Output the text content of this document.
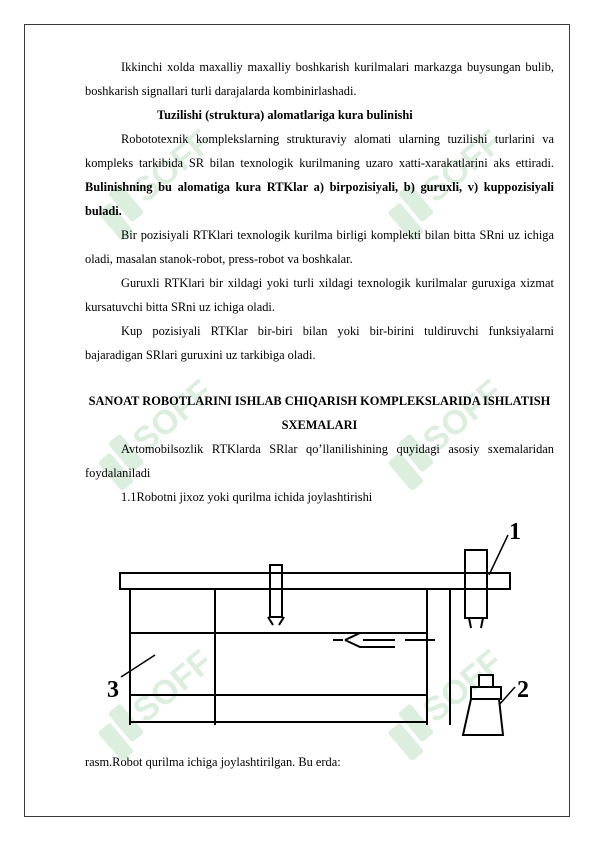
SOFF	SOFF
SOFF	SOFF
SOFF	SOFF

Ikkinchi xolda maxalliy maxalliy boshkarish kurilmalari markazga buysungan bulib, boshkarish signallari turli darajalarda kombinirlashadi.

Tuzilishi (struktura) alomatlariga kura bulinishi

Robototexnik komplekslarning strukturaviy alomati ularning tuzilishi turlarini va kompleks tarkibida SR bilan texnologik kurilmaning uzaro xatti-xarakatlarini aks ettiradi. Bulinishning bu alomatiga kura RTKlar a) birpozisiyali, b) guruxli, v) kuppozisiyali buladi.

Bir pozisiyali RTKlari texnologik kurilma birligi komplekti bilan bitta SRni uz ichiga oladi, masalan stanok-robot, press-robot va boshkalar.

Guruxli RTKlari bir xildagi yoki turli xildagi texnologik kurilmalar guruxiga xizmat kursatuvchi bitta SRni uz ichiga oladi.

Kup pozisiyali RTKlar bir-biri bilan yoki bir-birini tuldiruvchi funksiyalarni bajaradigan SRlari guruxini uz tarkibiga oladi.

SANOAT ROBOTLARINI ISHLAB CHIQARISH KOMPLEKSLARIDA ISHLATISH SXEMALARI

Avtomobilsozlik RTKlarda SRlar qo’llanilishining quyidagi asosiy sxemalaridan foydalaniladi

1.1Robotni jixoz yoki qurilma ichida joylashtirishi

1
2
3
rasm.Robot qurilma ichiga joylashtirilgan. Bu erda:
